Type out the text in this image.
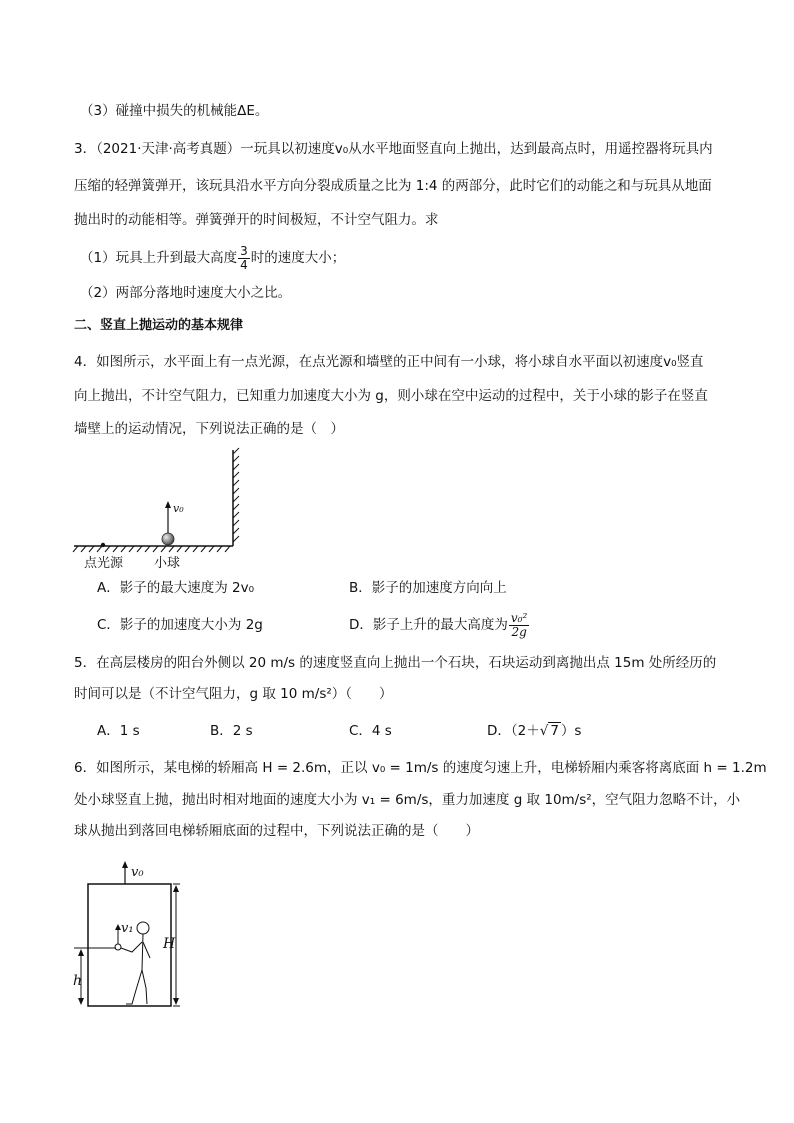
（3）碰撞中损失的机械能ΔE。
3．（2021·天津·高考真题）一玩具以初速度v₀从水平地面竖直向上抛出，达到最高点时，用遥控器将玩具内
压缩的轻弹簧弹开，该玩具沿水平方向分裂成质量之比为 1:4 的两部分，此时它们的动能之和与玩具从地面
抛出时的动能相等。弹簧弹开的时间极短，不计空气阻力。求
（1）玩具上升到最大高度 $\frac{3}{4}$ 时的速度大小；
（2）两部分落地时速度大小之比。
二、竖直上抛运动的基本规律
4．如图所示，水平面上有一点光源，在点光源和墙壁的正中间有一小球，将小球自水平面以初速度v₀竖直
向上抛出，不计空气阻力，已知重力加速度大小为 g，则小球在空中运动的过程中，关于小球的影子在竖直
墙壁上的运动情况，下列说法正确的是（　）
v₀
点光源 小球
A．影子的最大速度为 2v₀	B．影子的加速度方向向上
C．影子的加速度大小为 2g	D．影子上升的最大高度为 $\frac{\text{v₀²}}{2g}$
5．在高层楼房的阳台外侧以 20 m/s 的速度竖直向上抛出一个石块，石块运动到离抛出点 15m 处所经历的
时间可以是（不计空气阻力，g 取 10 m/s²）（　　）
A．1 s	B．2 s	C．4 s	D．（2＋√ 7 ）s
6．如图所示，某电梯的轿厢高 H = 2.6m，正以 v₀ = 1m/s 的速度匀速上升，电梯轿厢内乘客将离底面 h = 1.2m
处小球竖直上抛，抛出时相对地面的速度大小为 v₁ = 6m/s，重力加速度 g 取 10m/s²，空气阻力忽略不计，小
球从抛出到落回电梯轿厢底面的过程中，下列说法正确的是（　　）
v₀
H
h
v₁
